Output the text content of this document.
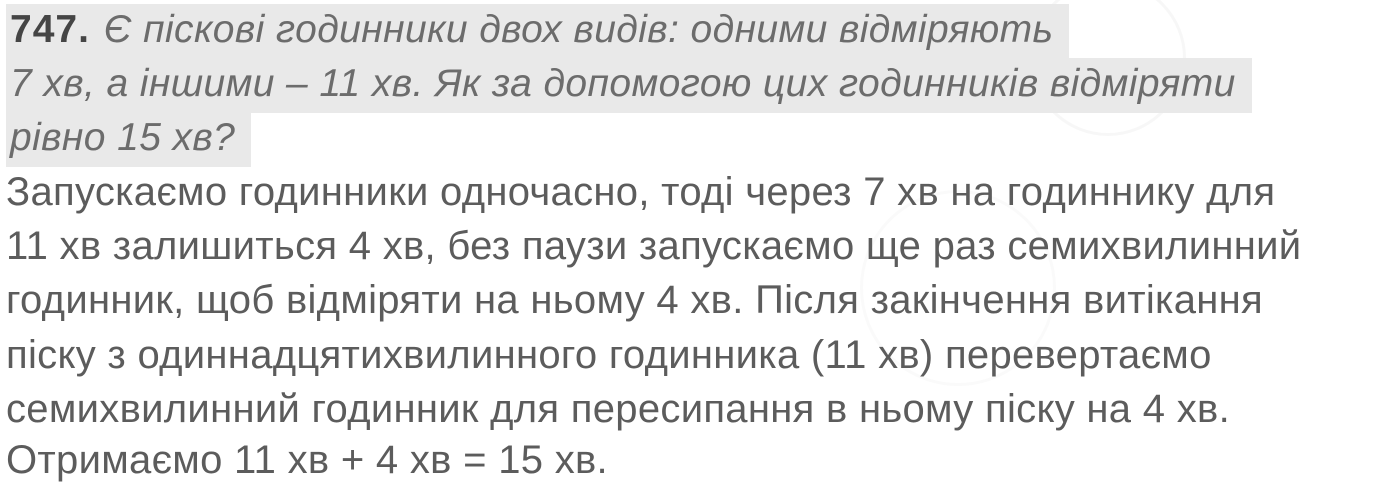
747. Є піскові годинники двох видів: одними відміряють
7 хв, а іншими – 11 хв. Як за допомогою цих годинників відміряти
рівно 15 хв?
Запускаємо годинники одночасно, тоді через 7 хв на годиннику для
11 хв залишиться 4 хв, без паузи запускаємо ще раз семихвилинний
годинник, щоб відміряти на ньому 4 хв. Після закінчення витікання
піску з одиннадцятихвилинного годинника (11 хв) перевертаємо
семихвилинний годинник для пересипання в ньому піску на 4 хв.
Отримаємо 11 хв + 4 хв = 15 хв.
